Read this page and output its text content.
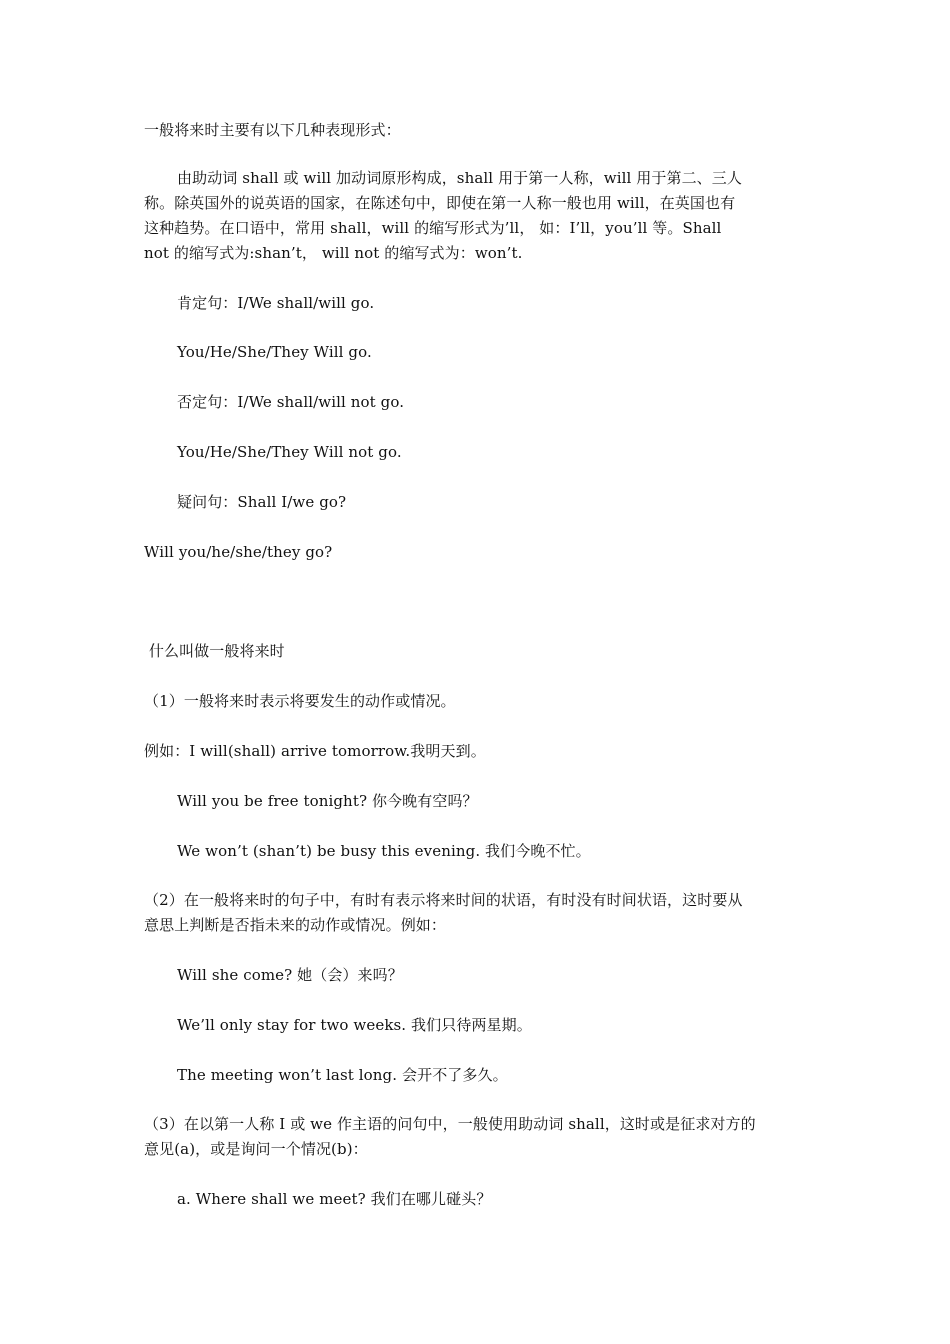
一般将来时主要有以下几种表现形式：
由助动词 shall 或 will 加动词原形构成，shall 用于第一人称，will 用于第二、三人
称。除英国外的说英语的国家，在陈述句中，即使在第一人称一般也用 will，在英国也有
这种趋势。在口语中，常用 shall，will 的缩写形式为’ll， 如：I’ll，you’ll 等。Shall
not 的缩写式为:shan’t， will not 的缩写式为：won’t.
肯定句：I/We shall/will go.
You/He/She/They Will go.
否定句：I/We shall/will not go.
You/He/She/They Will not go.
疑问句：Shall I/we go?
Will you/he/she/they go?
什么叫做一般将来时
（1）一般将来时表示将要发生的动作或情况。
例如：I will(shall) arrive tomorrow.我明天到。
Will you be free tonight? 你今晚有空吗？
We won’t (shan’t) be busy this evening. 我们今晚不忙。
（2）在一般将来时的句子中，有时有表示将来时间的状语，有时没有时间状语，这时要从
意思上判断是否指未来的动作或情况。例如：
Will she come? 她（会）来吗？
We’ll only stay for two weeks. 我们只待两星期。
The meeting won’t last long. 会开不了多久。
（3）在以第一人称 I 或 we 作主语的问句中，一般使用助动词 shall，这时或是征求对方的
意见(a)，或是询问一个情况(b)：
a. Where shall we meet? 我们在哪儿碰头？
